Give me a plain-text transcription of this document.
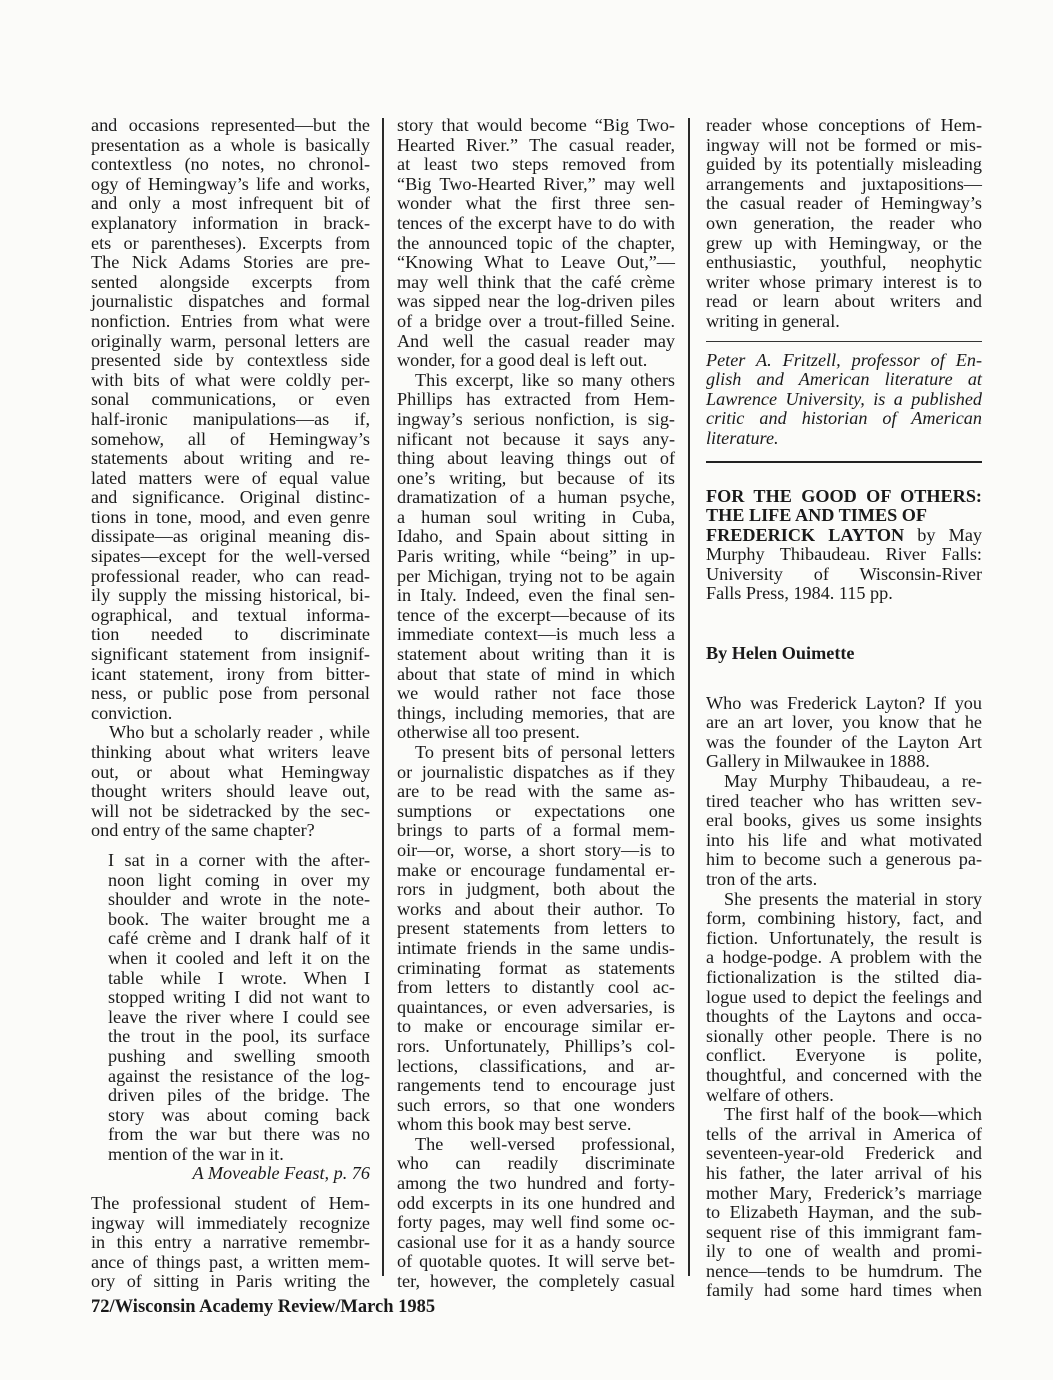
and occasions represented—but the
presentation as a whole is basically
contextless (no notes, no chronol-
ogy of Hemingway’s life and works,
and only a most infrequent bit of
explanatory information in brack-
ets or parentheses). Excerpts from
The Nick Adams Stories are pre-
sented alongside excerpts from
journalistic dispatches and formal
nonfiction. Entries from what were
originally warm, personal letters are
presented side by contextless side
with bits of what were coldly per-
sonal communications, or even
half-ironic manipulations—as if,
somehow, all of Hemingway’s
statements about writing and re-
lated matters were of equal value
and significance. Original distinc-
tions in tone, mood, and even genre
dissipate—as original meaning dis-
sipates—except for the well-versed
professional reader, who can read-
ily supply the missing historical, bi-
ographical, and textual informa-
tion needed to discriminate
significant statement from insignif-
icant statement, irony from bitter-
ness, or public pose from personal
conviction.
Who but a scholarly reader , while
thinking about what writers leave
out, or about what Hemingway
thought writers should leave out,
will not be sidetracked by the sec-
ond entry of the same chapter?
I sat in a corner with the after-
noon light coming in over my
shoulder and wrote in the note-
book. The waiter brought me a
café crème and I drank half of it
when it cooled and left it on the
table while I wrote. When I
stopped writing I did not want to
leave the river where I could see
the trout in the pool, its surface
pushing and swelling smooth
against the resistance of the log-
driven piles of the bridge. The
story was about coming back
from the war but there was no
mention of the war in it.
A Moveable Feast, p. 76
The professional student of Hem-
ingway will immediately recognize
in this entry a narrative remembr-
ance of things past, a written mem-
ory of sitting in Paris writing the
story that would become “Big Two-
Hearted River.” The casual reader,
at least two steps removed from
“Big Two-Hearted River,” may well
wonder what the first three sen-
tences of the excerpt have to do with
the announced topic of the chapter,
“Knowing What to Leave Out,”—
may well think that the café crème
was sipped near the log-driven piles
of a bridge over a trout-filled Seine.
And well the casual reader may
wonder, for a good deal is left out.
This excerpt, like so many others
Phillips has extracted from Hem-
ingway’s serious nonfiction, is sig-
nificant not because it says any-
thing about leaving things out of
one’s writing, but because of its
dramatization of a human psyche,
a human soul writing in Cuba,
Idaho, and Spain about sitting in
Paris writing, while “being” in up-
per Michigan, trying not to be again
in Italy. Indeed, even the final sen-
tence of the excerpt—because of its
immediate context—is much less a
statement about writing than it is
about that state of mind in which
we would rather not face those
things, including memories, that are
otherwise all too present.
To present bits of personal letters
or journalistic dispatches as if they
are to be read with the same as-
sumptions or expectations one
brings to parts of a formal mem-
oir—or, worse, a short story—is to
make or encourage fundamental er-
rors in judgment, both about the
works and about their author. To
present statements from letters to
intimate friends in the same undis-
criminating format as statements
from letters to distantly cool ac-
quaintances, or even adversaries, is
to make or encourage similar er-
rors. Unfortunately, Phillips’s col-
lections, classifications, and ar-
rangements tend to encourage just
such errors, so that one wonders
whom this book may best serve.
The well-versed professional,
who can readily discriminate
among the two hundred and forty-
odd excerpts in its one hundred and
forty pages, may well find some oc-
casional use for it as a handy source
of quotable quotes. It will serve bet-
ter, however, the completely casual
reader whose conceptions of Hem-
ingway will not be formed or mis-
guided by its potentially misleading
arrangements and juxtapositions—
the casual reader of Hemingway’s
own generation, the reader who
grew up with Hemingway, or the
enthusiastic, youthful, neophytic
writer whose primary interest is to
read or learn about writers and
writing in general.
Peter A. Fritzell, professor of En-
glish and American literature at
Lawrence University, is a published
critic and historian of American
literature.
FOR THE GOOD OF OTHERS:
THE LIFE AND TIMES OF
FREDERICK LAYTON by May
Murphy Thibaudeau. River Falls:
University of Wisconsin-River
Falls Press, 1984. 115 pp.
By Helen Ouimette
Who was Frederick Layton? If you
are an art lover, you know that he
was the founder of the Layton Art
Gallery in Milwaukee in 1888.
May Murphy Thibaudeau, a re-
tired teacher who has written sev-
eral books, gives us some insights
into his life and what motivated
him to become such a generous pa-
tron of the arts.
She presents the material in story
form, combining history, fact, and
fiction. Unfortunately, the result is
a hodge-podge. A problem with the
fictionalization is the stilted dia-
logue used to depict the feelings and
thoughts of the Laytons and occa-
sionally other people. There is no
conflict. Everyone is polite,
thoughtful, and concerned with the
welfare of others.
The first half of the book—which
tells of the arrival in America of
seventeen-year-old Frederick and
his father, the later arrival of his
mother Mary, Frederick’s marriage
to Elizabeth Hayman, and the sub-
sequent rise of this immigrant fam-
ily to one of wealth and promi-
nence—tends to be humdrum. The
family had some hard times when
72/Wisconsin Academy Review/March 1985
